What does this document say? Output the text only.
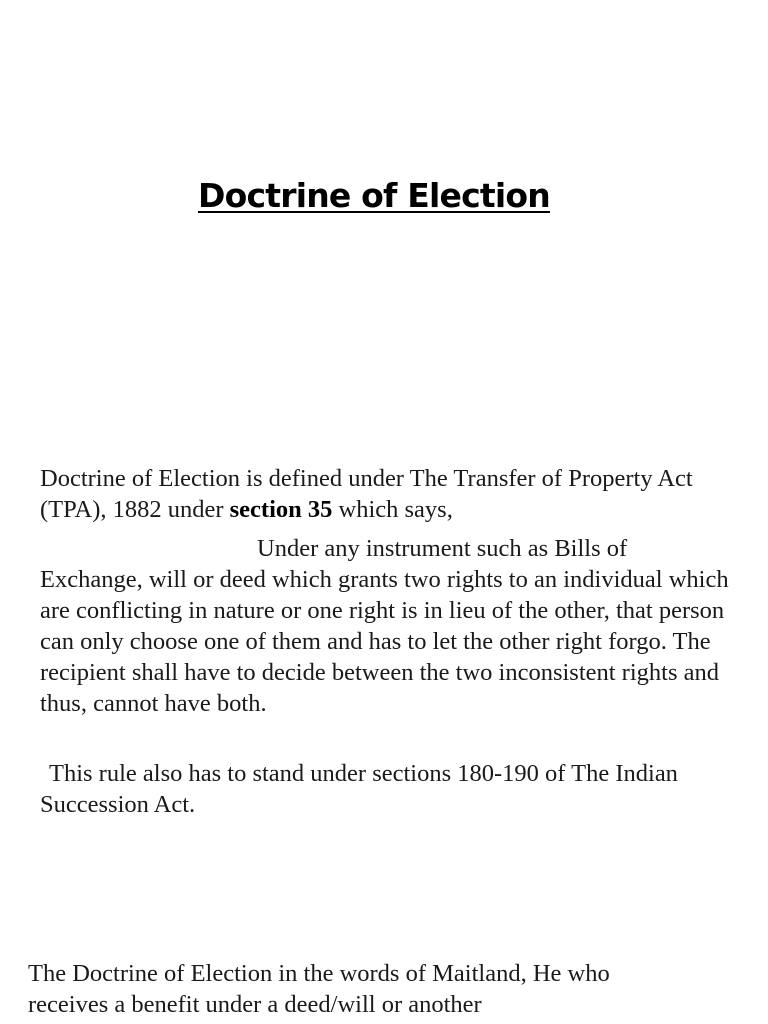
Doctrine of Election

Doctrine of Election is defined under The Transfer of Property Act (TPA), 1882 under section 35 which says,

Under any instrument such as Bills of Exchange, will or deed which grants two rights to an individual which are conflicting in nature or one right is in lieu of the other, that person can only choose one of them and has to let the other right forgo. The recipient shall have to decide between the two inconsistent rights and thus, cannot have both.

This rule also has to stand under sections 180-190 of The Indian Succession Act.

The Doctrine of Election in the words of Maitland, He who receives a benefit under a deed/will or another
